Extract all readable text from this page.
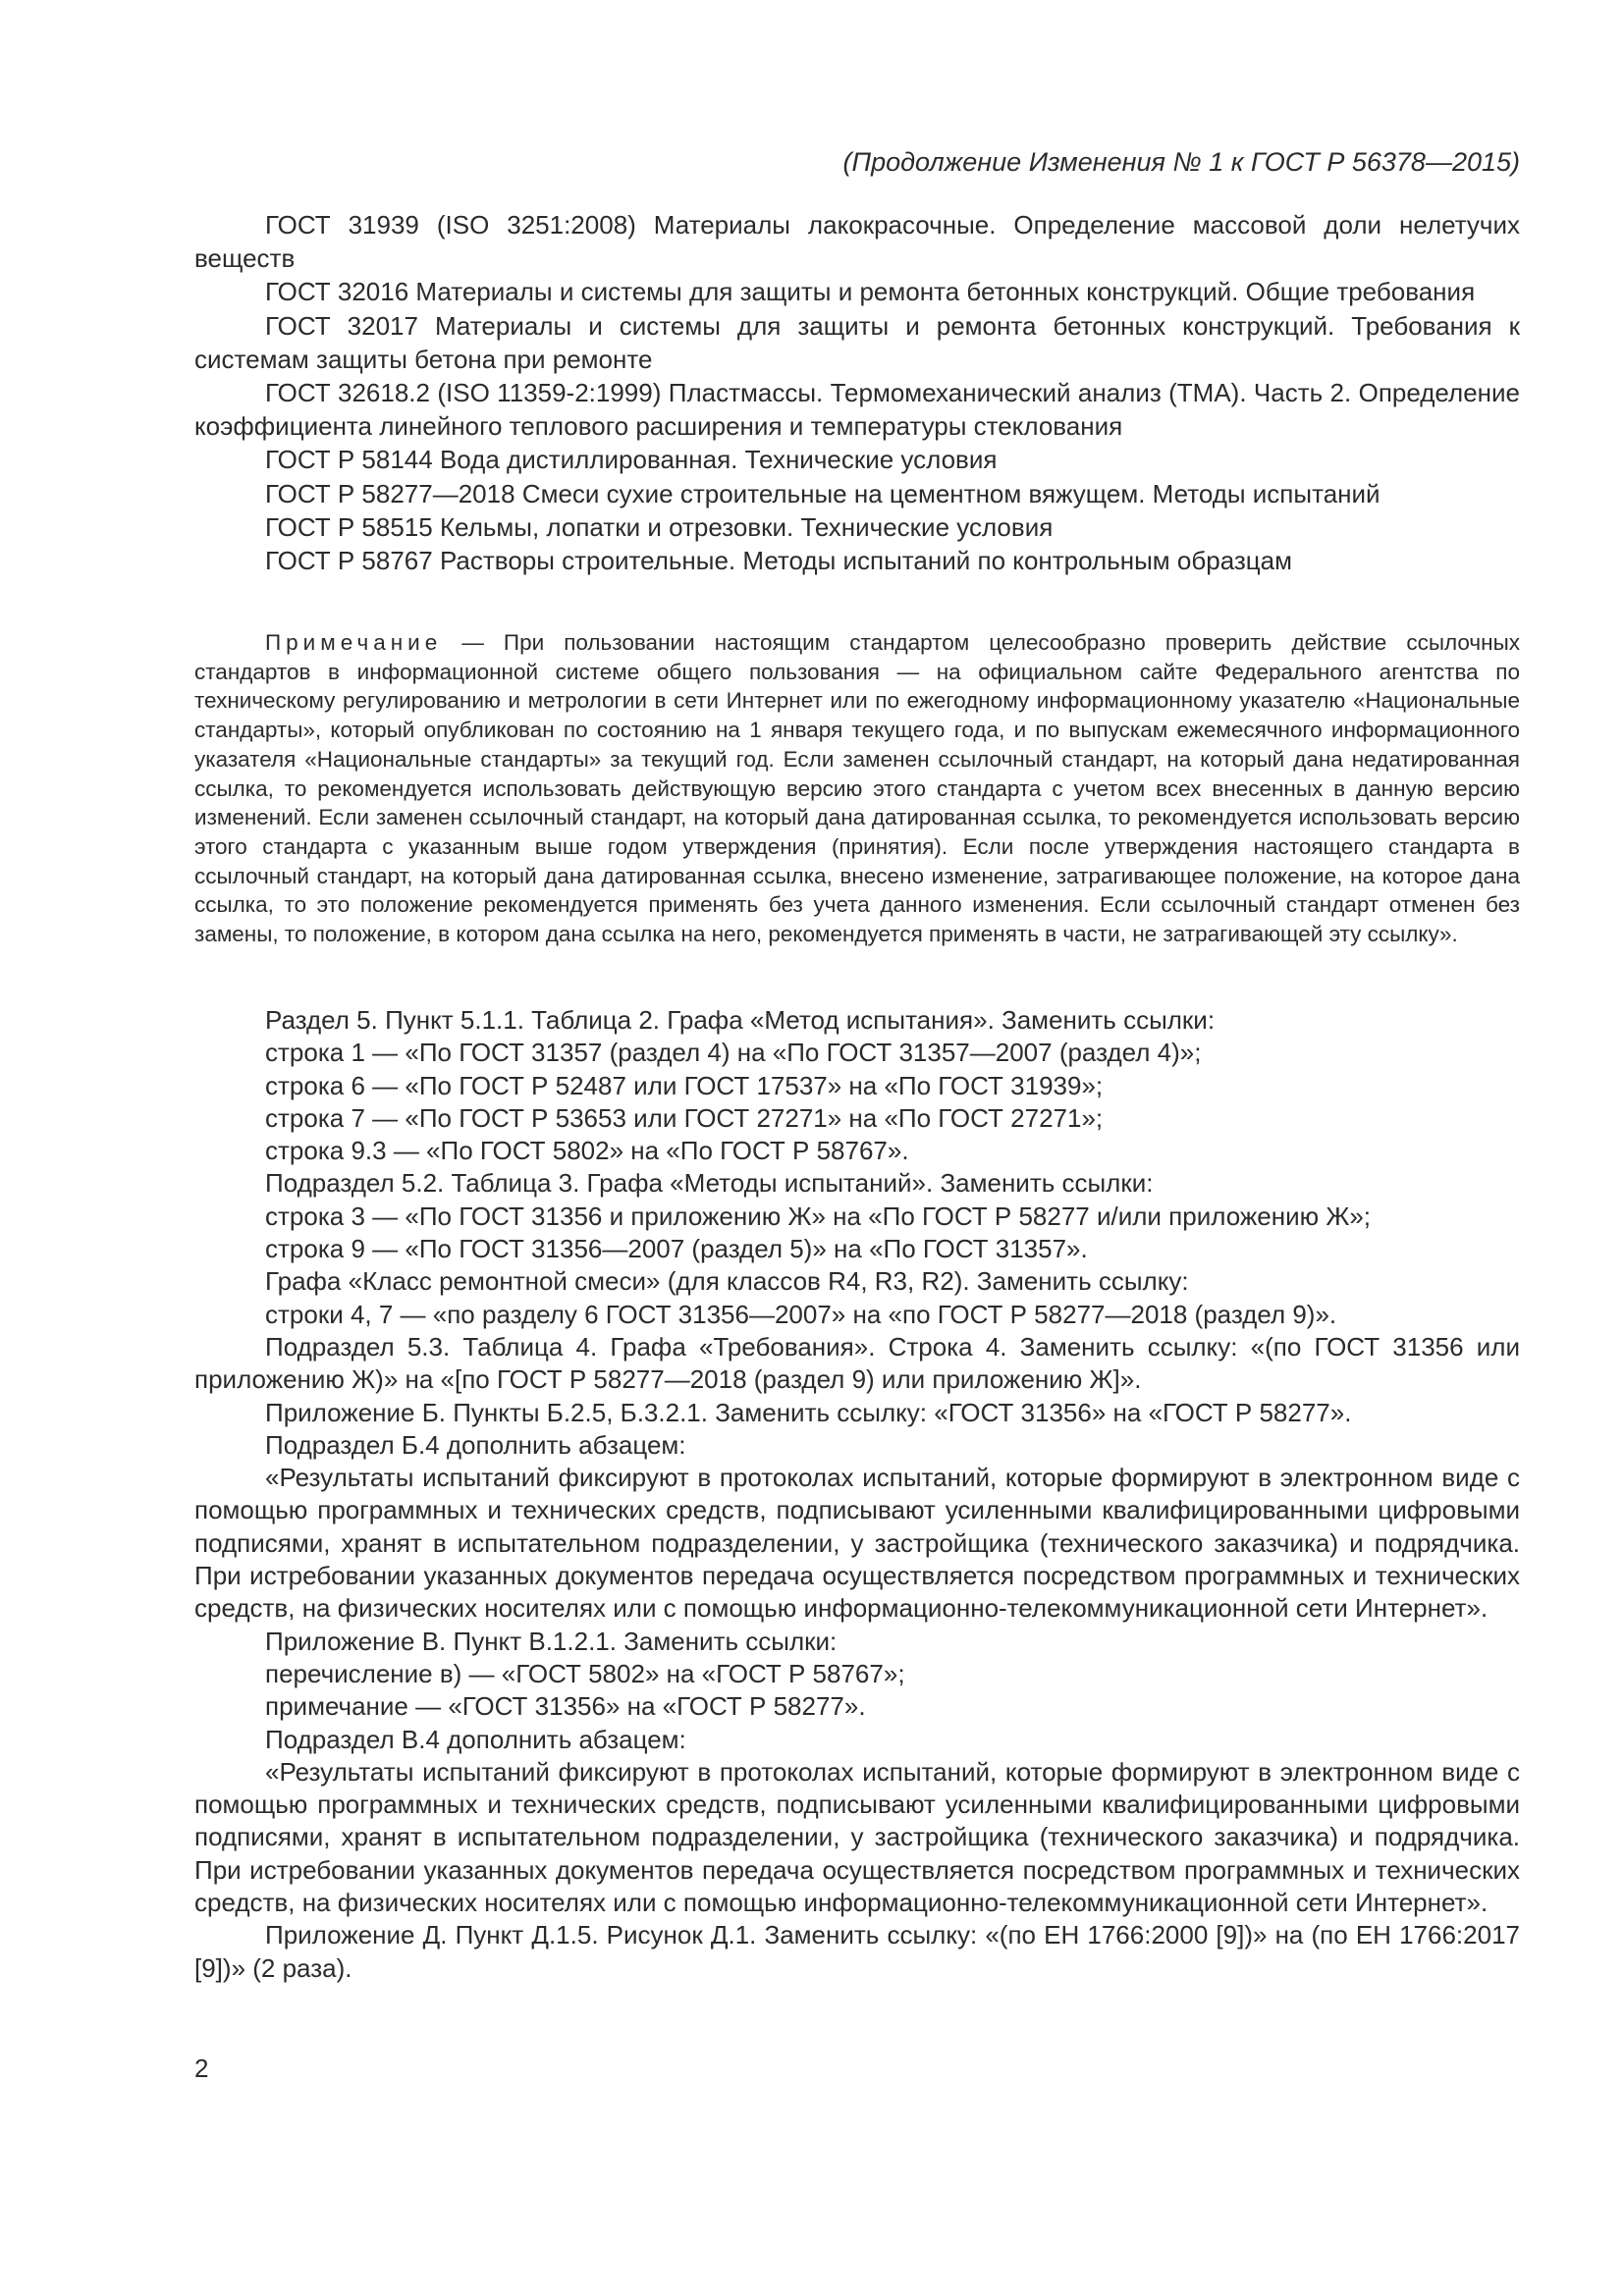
(Продолжение Изменения № 1 к ГОСТ Р 56378—2015)

ГОСТ 31939 (ISO 3251:2008) Материалы лакокрасочные. Определение массовой доли нелетучих веществ

ГОСТ 32016 Материалы и системы для защиты и ремонта бетонных конструкций. Общие требования

ГОСТ 32017 Материалы и системы для защиты и ремонта бетонных конструкций. Требования к системам защиты бетона при ремонте

ГОСТ 32618.2 (ISO 11359-2:1999) Пластмассы. Термомеханический анализ (ТМА). Часть 2. Определение коэффициента линейного теплового расширения и температуры стеклования

ГОСТ Р 58144 Вода дистиллированная. Технические условия

ГОСТ Р 58277—2018 Смеси сухие строительные на цементном вяжущем. Методы испытаний

ГОСТ Р 58515 Кельмы, лопатки и отрезовки. Технические условия

ГОСТ Р 58767 Растворы строительные. Методы испытаний по контрольным образцам

Примечание — При пользовании настоящим стандартом целесообразно проверить действие ссылочных стандартов в информационной системе общего пользования — на официальном сайте Федерального агентства по техническому регулированию и метрологии в сети Интернет или по ежегодному информационному указателю «Национальные стандарты», который опубликован по состоянию на 1 января текущего года, и по выпускам ежемесячного информационного указателя «Национальные стандарты» за текущий год. Если заменен ссылочный стандарт, на который дана недатированная ссылка, то рекомендуется использовать действующую версию этого стандарта с учетом всех внесенных в данную версию изменений. Если заменен ссылочный стандарт, на который дана датированная ссылка, то рекомендуется использовать версию этого стандарта с указанным выше годом утверждения (принятия). Если после утверждения настоящего стандарта в ссылочный стандарт, на который дана датированная ссылка, внесено изменение, затрагивающее положение, на которое дана ссылка, то это положение рекомендуется применять без учета данного изменения. Если ссылочный стандарт отменен без замены, то положение, в котором дана ссылка на него, рекомендуется применять в части, не затрагивающей эту ссылку».

Раздел 5. Пункт 5.1.1. Таблица 2. Графа «Метод испытания». Заменить ссылки:

строка 1 — «По ГОСТ 31357 (раздел 4) на «По ГОСТ 31357—2007 (раздел 4)»;

строка 6 — «По ГОСТ Р 52487 или ГОСТ 17537» на «По ГОСТ 31939»;

строка 7 — «По ГОСТ Р 53653 или ГОСТ 27271» на «По ГОСТ 27271»;

строка 9.3 — «По ГОСТ 5802» на «По ГОСТ Р 58767».

Подраздел 5.2. Таблица 3. Графа «Методы испытаний». Заменить ссылки:

строка 3 — «По ГОСТ 31356 и приложению Ж» на «По ГОСТ Р 58277 и/или приложению Ж»;

строка 9 — «По ГОСТ 31356—2007 (раздел 5)» на «По ГОСТ 31357».

Графа «Класс ремонтной смеси» (для классов R4, R3, R2). Заменить ссылку:

строки 4, 7 — «по разделу 6 ГОСТ 31356—2007» на «по ГОСТ Р 58277—2018 (раздел 9)».

Подраздел 5.3. Таблица 4. Графа «Требования». Строка 4. Заменить ссылку: «(по ГОСТ 31356 или приложению Ж)» на «[по ГОСТ Р 58277—2018 (раздел 9) или приложению Ж]».

Приложение Б. Пункты Б.2.5, Б.3.2.1. Заменить ссылку: «ГОСТ 31356» на «ГОСТ Р 58277».

Подраздел Б.4 дополнить абзацем:

«Результаты испытаний фиксируют в протоколах испытаний, которые формируют в электронном виде с помощью программных и технических средств, подписывают усиленными квалифицированными цифровыми подписями, хранят в испытательном подразделении, у застройщика (технического заказчика) и подрядчика. При истребовании указанных документов передача осуществляется посредством программных и технических средств, на физических носителях или с помощью информационно-телекоммуникационной сети Интернет».

Приложение В. Пункт В.1.2.1. Заменить ссылки:

перечисление в) — «ГОСТ 5802» на «ГОСТ Р 58767»;

примечание — «ГОСТ 31356» на «ГОСТ Р 58277».

Подраздел В.4 дополнить абзацем:

«Результаты испытаний фиксируют в протоколах испытаний, которые формируют в электронном виде с помощью программных и технических средств, подписывают усиленными квалифицированными цифровыми подписями, хранят в испытательном подразделении, у застройщика (технического заказчика) и подрядчика. При истребовании указанных документов передача осуществляется посредством программных и технических средств, на физических носителях или с помощью информационно-телекоммуникационной сети Интернет».

Приложение Д. Пункт Д.1.5. Рисунок Д.1. Заменить ссылку: «(по ЕН 1766:2000 [9])» на (по ЕН 1766:2017 [9])» (2 раза).

2
